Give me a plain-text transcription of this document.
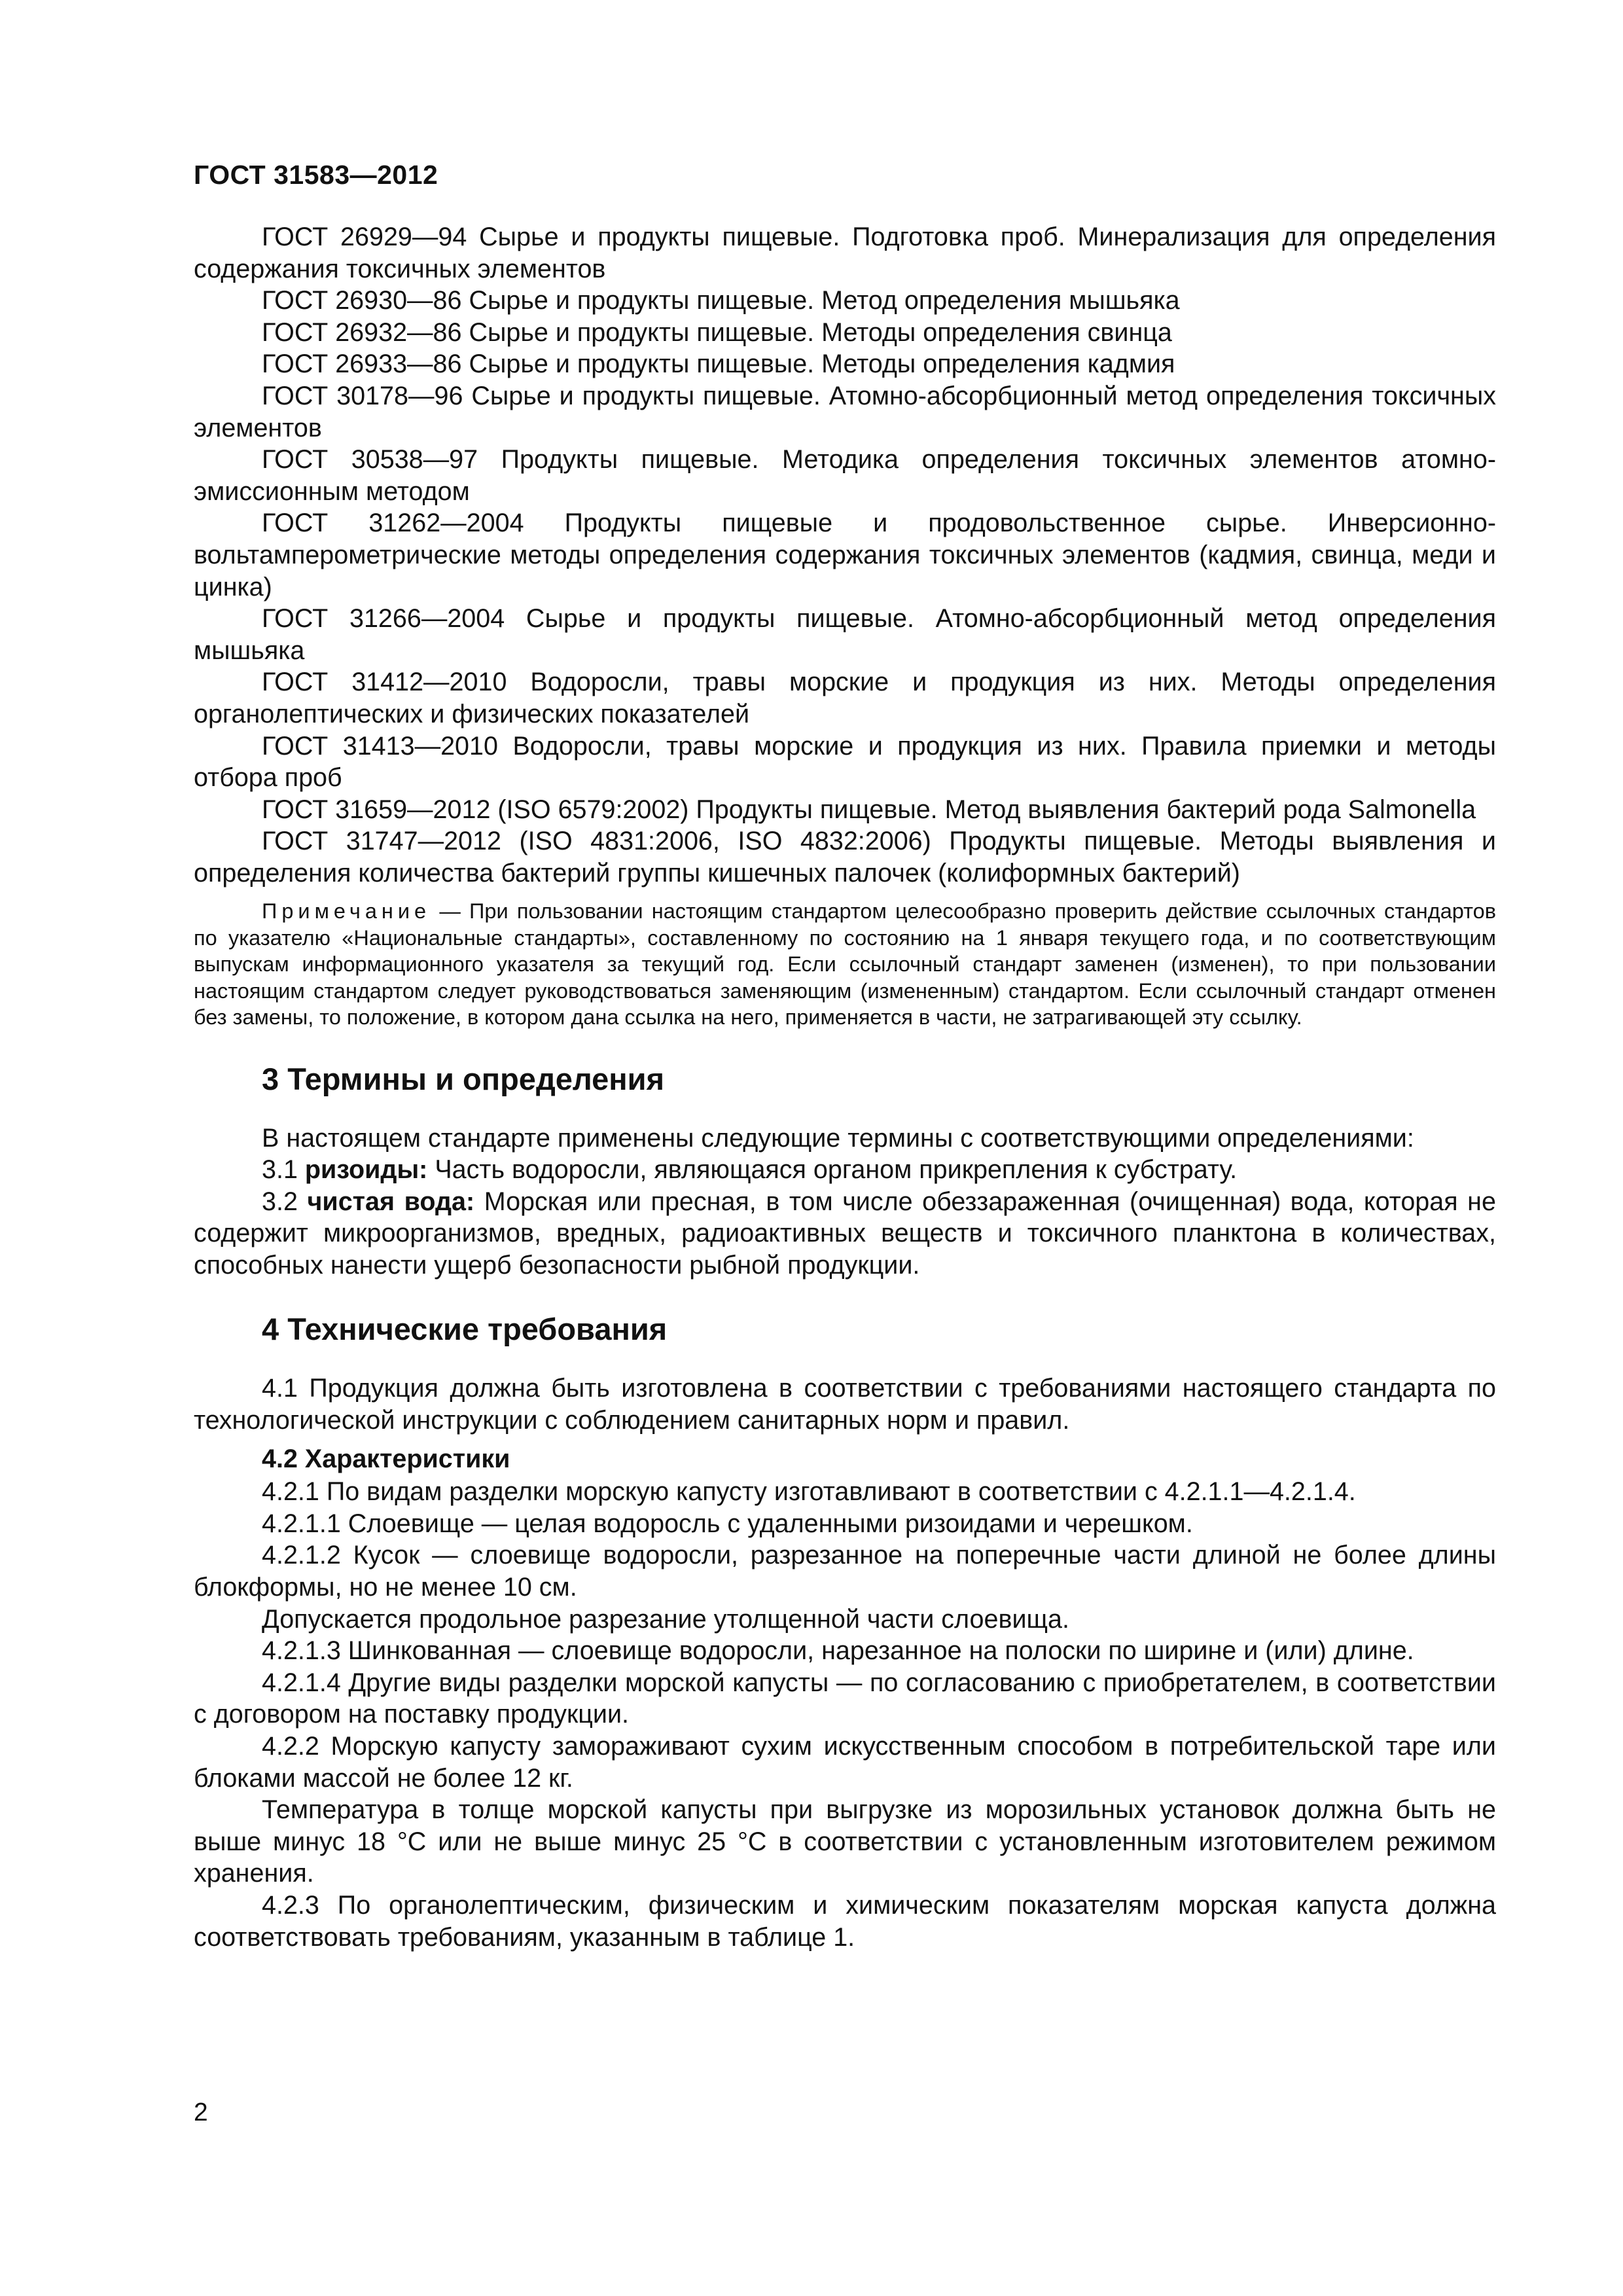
ГОСТ 31583—2012

ГОСТ 26929—94 Сырье и продукты пищевые. Подготовка проб. Минерализация для определения содержания токсичных элементов

ГОСТ 26930—86 Сырье и продукты пищевые. Метод определения мышьяка

ГОСТ 26932—86 Сырье и продукты пищевые. Методы определения свинца

ГОСТ 26933—86 Сырье и продукты пищевые. Методы определения кадмия

ГОСТ 30178—96 Сырье и продукты пищевые. Атомно-абсорбционный метод определения токсичных элементов

ГОСТ 30538—97 Продукты пищевые. Методика определения токсичных элементов атомно-эмиссионным методом

ГОСТ 31262—2004 Продукты пищевые и продовольственное сырье. Инверсионно-вольтамперометрические методы определения содержания токсичных элементов (кадмия, свинца, меди и цинка)

ГОСТ 31266—2004 Сырье и продукты пищевые. Атомно-абсорбционный метод определения мышьяка

ГОСТ 31412—2010 Водоросли, травы морские и продукция из них. Методы определения органолептических и физических показателей

ГОСТ 31413—2010 Водоросли, травы морские и продукция из них. Правила приемки и методы отбора проб

ГОСТ 31659—2012 (ISO 6579:2002) Продукты пищевые. Метод выявления бактерий рода Salmonella

ГОСТ 31747—2012 (ISO 4831:2006, ISO 4832:2006) Продукты пищевые. Методы выявления и определения количества бактерий группы кишечных палочек (колиформных бактерий)

Примечание — При пользовании настоящим стандартом целесообразно проверить действие ссылочных стандартов по указателю «Национальные стандарты», составленному по состоянию на 1 января текущего года, и по соответствующим выпускам информационного указателя за текущий год. Если ссылочный стандарт заменен (изменен), то при пользовании настоящим стандартом следует руководствоваться заменяющим (измененным) стандартом. Если ссылочный стандарт отменен без замены, то положение, в котором дана ссылка на него, применяется в части, не затрагивающей эту ссылку.

3 Термины и определения

В настоящем стандарте применены следующие термины с соответствующими определениями:

3.1 ризоиды: Часть водоросли, являющаяся органом прикрепления к субстрату.

3.2 чистая вода: Морская или пресная, в том числе обеззараженная (очищенная) вода, которая не содержит микроорганизмов, вредных, радиоактивных веществ и токсичного планктона в количествах, способных нанести ущерб безопасности рыбной продукции.

4 Технические требования

4.1 Продукция должна быть изготовлена в соответствии с требованиями настоящего стандарта по технологической инструкции с соблюдением санитарных норм и правил.

4.2 Характеристики

4.2.1 По видам разделки морскую капусту изготавливают в соответствии с 4.2.1.1—4.2.1.4.

4.2.1.1 Слоевище — целая водоросль с удаленными ризоидами и черешком.

4.2.1.2 Кусок — слоевище водоросли, разрезанное на поперечные части длиной не более длины блокформы, но не менее 10 см.

Допускается продольное разрезание утолщенной части слоевища.

4.2.1.3 Шинкованная — слоевище водоросли, нарезанное на полоски по ширине и (или) длине.

4.2.1.4 Другие виды разделки морской капусты — по согласованию с приобретателем, в соответствии с договором на поставку продукции.

4.2.2 Морскую капусту замораживают сухим искусственным способом в потребительской таре или блоками массой не более 12 кг.

Температура в толще морской капусты при выгрузке из морозильных установок должна быть не выше минус 18 °С или не выше минус 25 °С в соответствии с установленным изготовителем режимом хранения.

4.2.3 По органолептическим, физическим и химическим показателям морская капуста должна соответствовать требованиям, указанным в таблице 1.

2
